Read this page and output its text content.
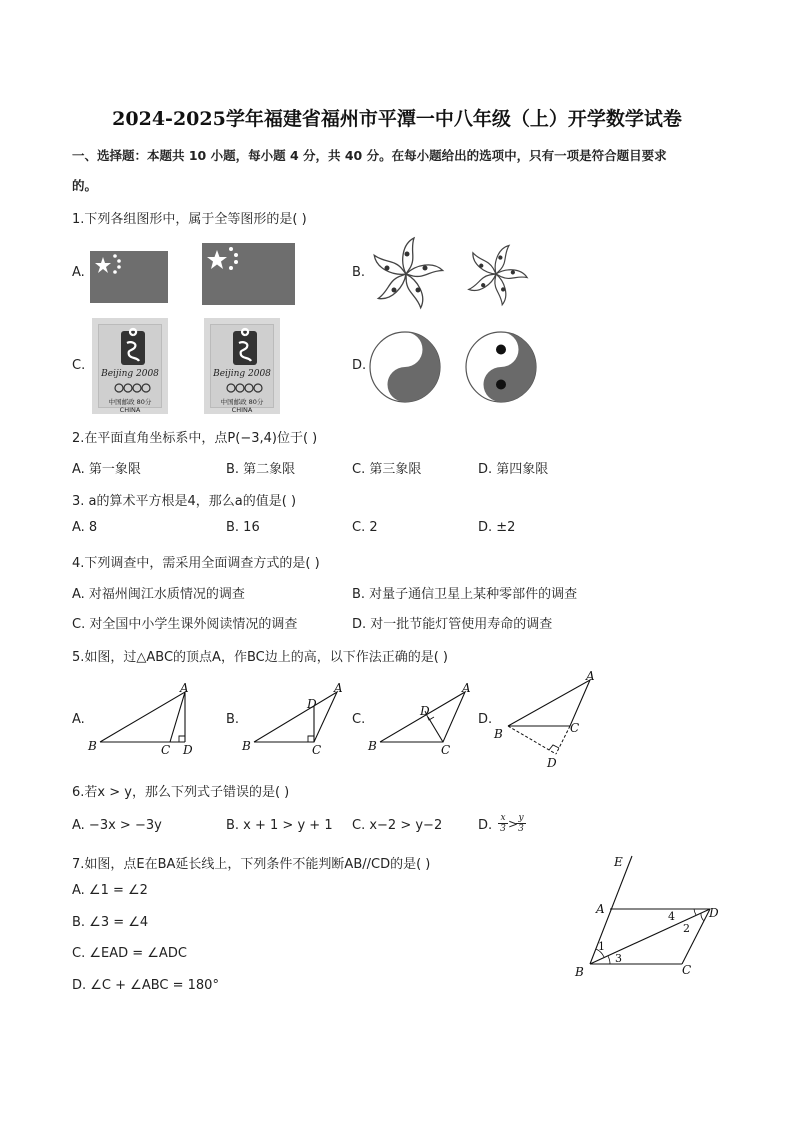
2024-2025学年福建省福州市平潭一中八年级（上）开学数学试卷
一、选择题：本题共 10 小题，每小题 4 分，共 40 分。在每小题给出的选项中，只有一项是符合题目要求
的。
1.下列各组图形中，属于全等图形的是( )
A.	B.
C.
Beijing 2008
中国邮政 80分 CHINA
Beijing 2008
中国邮政 80分 CHINA
D.
2.在平面直角坐标系中，点P(−3,4)位于( )
A. 第一象限	B. 第二象限	C. 第三象限	D. 第四象限
3. a的算术平方根是4，那么a的值是( )
A. 8	B. 16	C. 2	D. ±2
4.下列调查中，需采用全面调查方式的是( )
A. 对福州闽江水质情况的调查	B. 对量子通信卫星上某种零部件的调查
C. 对全国中小学生课外阅读情况的调查	D. 对一批节能灯管使用寿命的调查
5.如图，过△ABC的顶点A，作BC边上的高，以下作法正确的是( )
A.
A
B	C D
B.
A
D
B	C
C.
A
D
B	C
D.
A
B	C
D
6.若x > y，那么下列式子错误的是( )
A. −3x > −3y	B. x + 1 > y + 1 C. x−2 > y−2	D. x
3 > y
3
7.如图，点E在BA延长线上，下列条件不能判断AB//CD的是( )
A. ∠1 = ∠2
B. ∠3 = ∠4
C. ∠EAD = ∠ADC
D. ∠C + ∠ABC = 180°
E
A	D
B	C
1
2
3
4
